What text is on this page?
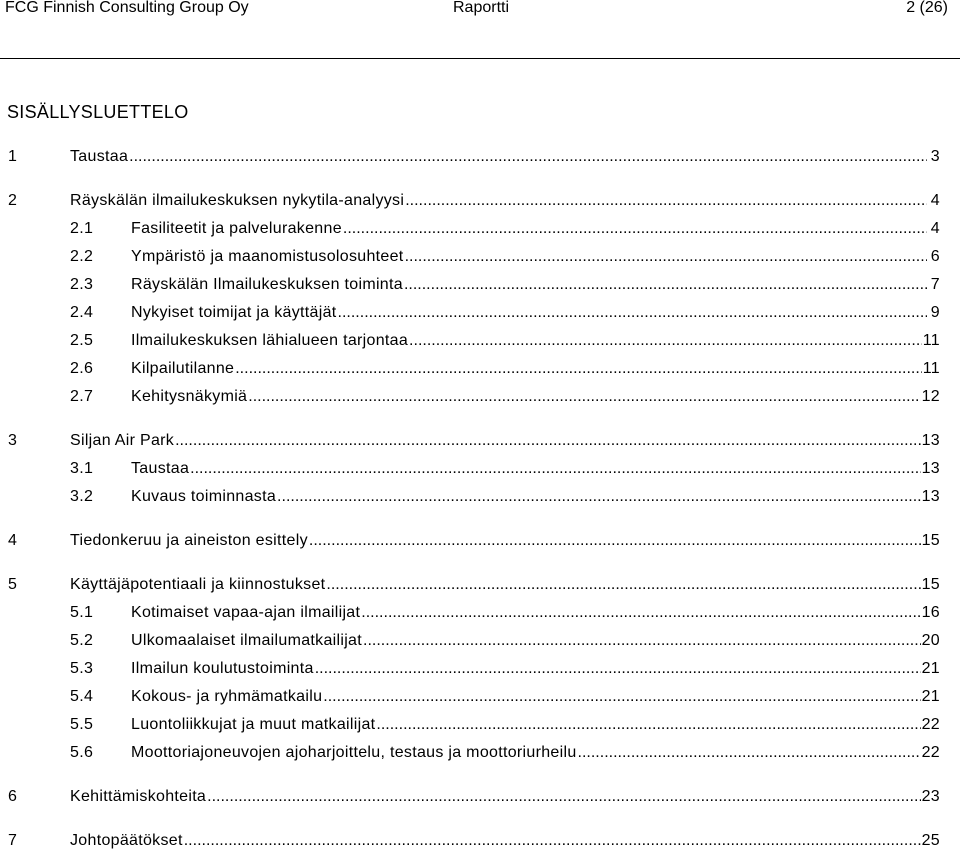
FCG Finnish Consulting Group Oy	Raportti	2 (26)
SISÄLLYSLUETTELO
1	Taustaa .....	3
2	Räyskälän ilmailukeskuksen nykytila-analyysi .....	4
2.1 Fasiliteetit ja palvelurakenne .....	4
2.2 Ympäristö ja maanomistusolosuhteet .....	6
2.3 Räyskälän Ilmailukeskuksen toiminta .....	7
2.4 Nykyiset toimijat ja käyttäjät .....	9
2.5 Ilmailukeskuksen lähialueen tarjontaa .....	11
2.6 Kilpailutilanne .....	11
2.7 Kehitysnäkymiä .....	12
3	Siljan Air Park .....	13
3.1 Taustaa .....	13
3.2 Kuvaus toiminnasta .....	13
4	Tiedonkeruu ja aineiston esittely .....	15
5	Käyttäjäpotentiaali ja kiinnostukset .....	15
5.1 Kotimaiset vapaa-ajan ilmailijat .....	16
5.2 Ulkomaalaiset ilmailumatkailijat .....	20
5.3 Ilmailun koulutustoiminta .....	21
5.4 Kokous- ja ryhmämatkailu .....	21
5.5 Luontoliikkujat ja muut matkailijat .....	22
5.6 Moottoriajoneuvojen ajoharjoittelu, testaus ja moottoriurheilu .....	22
6	Kehittämiskohteita .....	23
7	Johtopäätökset .....	25
